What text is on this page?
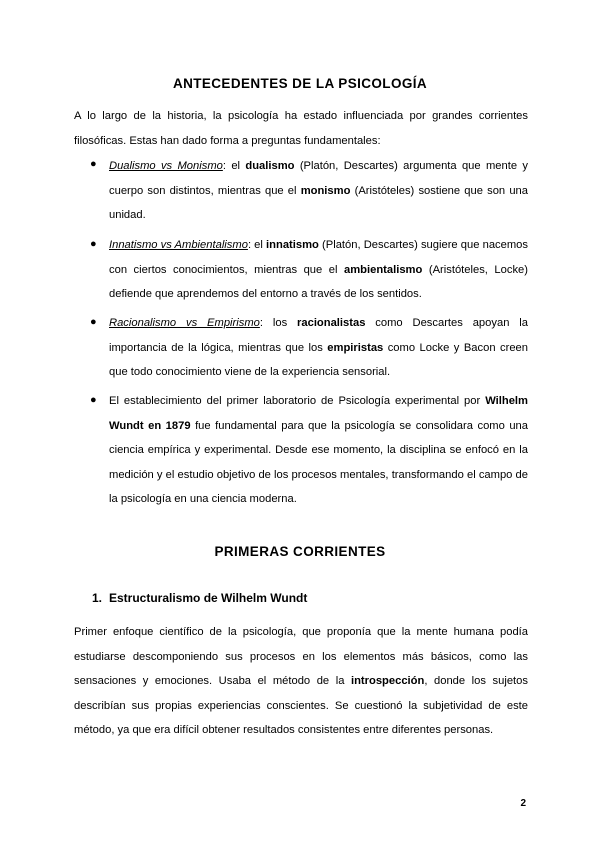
ANTECEDENTES DE LA PSICOLOGÍA
A lo largo de la historia, la psicología ha estado influenciada por grandes corrientes filosóficas. Estas han dado forma a preguntas fundamentales:
● Dualismo vs Monismo: el dualismo (Platón, Descartes) argumenta que mente y cuerpo son distintos, mientras que el monismo (Aristóteles) sostiene que son una unidad.
● Innatismo vs Ambientalismo: el innatismo (Platón, Descartes) sugiere que nacemos con ciertos conocimientos, mientras que el ambientalismo (Aristóteles, Locke) defiende que aprendemos del entorno a través de los sentidos.
● Racionalismo vs Empirismo: los racionalistas como Descartes apoyan la importancia de la lógica, mientras que los empiristas como Locke y Bacon creen que todo conocimiento viene de la experiencia sensorial.
● El establecimiento del primer laboratorio de Psicología experimental por Wilhelm Wundt en 1879 fue fundamental para que la psicología se consolidara como una ciencia empírica y experimental. Desde ese momento, la disciplina se enfocó en la medición y el estudio objetivo de los procesos mentales, transformando el campo de la psicología en una ciencia moderna.
PRIMERAS CORRIENTES
1. Estructuralismo de Wilhelm Wundt
Primer enfoque científico de la psicología, que proponía que la mente humana podía estudiarse descomponiendo sus procesos en los elementos más básicos, como las sensaciones y emociones. Usaba el método de la introspección, donde los sujetos describían sus propias experiencias conscientes. Se cuestionó la subjetividad de este método, ya que era difícil obtener resultados consistentes entre diferentes personas.
2
